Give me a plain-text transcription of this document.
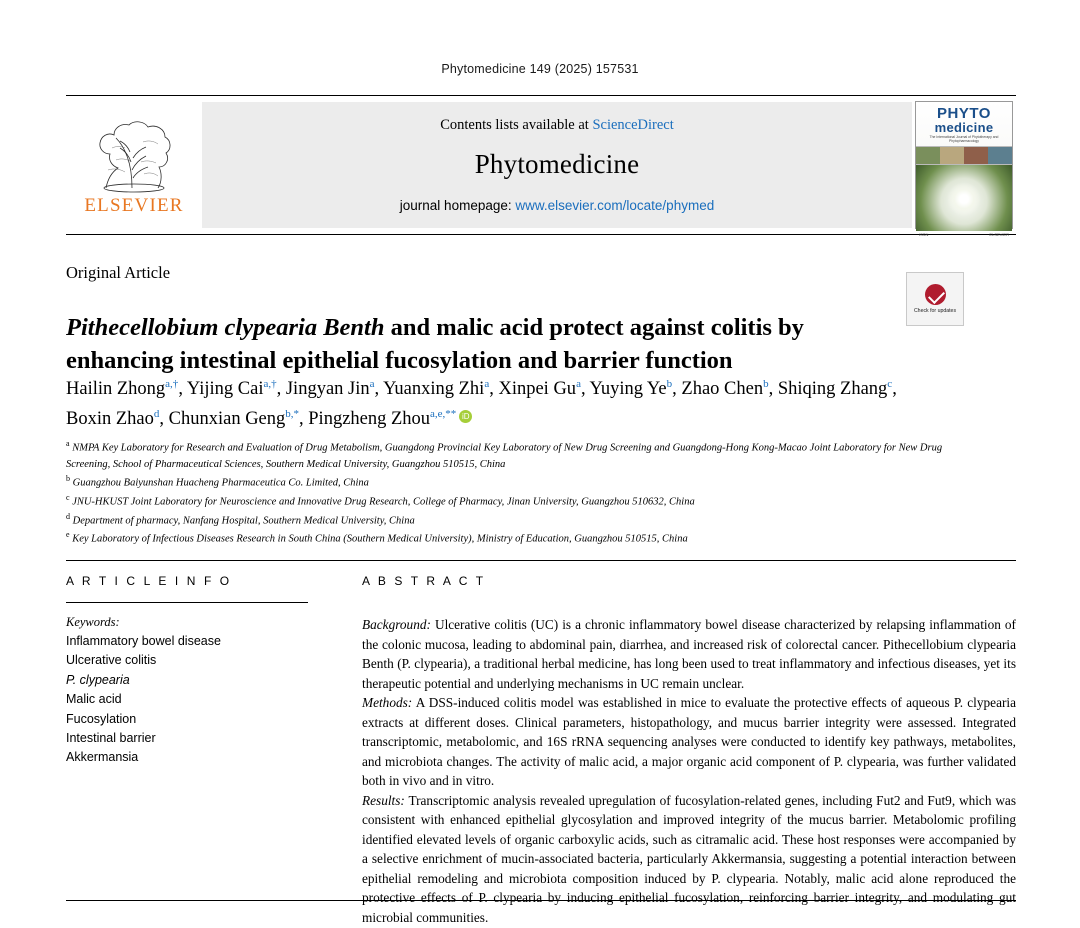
Phytomedicine 149 (2025) 157531
ELSEVIER
Contents lists available at ScienceDirect
Phytomedicine
journal homepage: www.elsevier.com/locate/phymed
PHYTO
medicine
The International Journal of Phytotherapy and Phytopharmacology
ISSN	ELSEVIER
Original Article
Check for updates
Pithecellobium clypearia Benth and malic acid protect against colitis by enhancing intestinal epithelial fucosylation and barrier function
Hailin Zhong$^{a,\dagger}$, Yijing Cai$^{a,\dagger}$, Jingyan Jin$^a$, Yuanxing Zhi$^a$, Xinpei Gu$^a$, Yuying Ye$^b$, Zhao Chen$^b$, Shiqing Zhang$^c$, Boxin Zhao$^d$, Chunxian Geng$^{b,*}$, Pingzheng Zhou$^{a,e,**}$iD
$^a$ NMPA Key Laboratory for Research and Evaluation of Drug Metabolism, Guangdong Provincial Key Laboratory of New Drug Screening and Guangdong-Hong Kong-Macao Joint Laboratory for New Drug Screening, School of Pharmaceutical Sciences, Southern Medical University, Guangzhou 510515, China
$^b$ Guangzhou Baiyunshan Huacheng Pharmaceutica Co. Limited, China
$^c$ JNU-HKUST Joint Laboratory for Neuroscience and Innovative Drug Research, College of Pharmacy, Jinan University, Guangzhou 510632, China
$^d$ Department of pharmacy, Nanfang Hospital, Southern Medical University, China
$^e$ Key Laboratory of Infectious Diseases Research in South China (Southern Medical University), Ministry of Education, Guangzhou 510515, China
A R T I C L E I N F O
Keywords:
Inflammatory bowel disease
Ulcerative colitis
P. clypearia
Malic acid
Fucosylation
Intestinal barrier
Akkermansia
A B S T R A C T

Background: Ulcerative colitis (UC) is a chronic inflammatory bowel disease characterized by relapsing inflammation of the colonic mucosa, leading to abdominal pain, diarrhea, and increased risk of colorectal cancer. Pithecellobium clypearia Benth (P. clypearia), a traditional herbal medicine, has long been used to treat inflammatory and infectious diseases, yet its therapeutic potential and underlying mechanisms in UC remain unclear.

Methods: A DSS-induced colitis model was established in mice to evaluate the protective effects of aqueous P. clypearia extracts at different doses. Clinical parameters, histopathology, and mucus barrier integrity were assessed. Integrated transcriptomic, metabolomic, and 16S rRNA sequencing analyses were conducted to identify key pathways, metabolites, and microbiota changes. The activity of malic acid, a major organic acid component of P. clypearia, was further validated both in vivo and in vitro.

Results: Transcriptomic analysis revealed upregulation of fucosylation-related genes, including Fut2 and Fut9, which was consistent with enhanced epithelial glycosylation and improved integrity of the mucus barrier. Metabolomic profiling identified elevated levels of organic carboxylic acids, such as citramalic acid. These host responses were accompanied by a selective enrichment of mucin-associated bacteria, particularly Akkermansia, suggesting a potential interaction between epithelial remodeling and microbiota composition induced by P. clypearia. Notably, malic acid alone reproduced the protective effects of P. clypearia by inducing epithelial fucosylation, reinforcing barrier integrity, and modulating gut microbial communities.
